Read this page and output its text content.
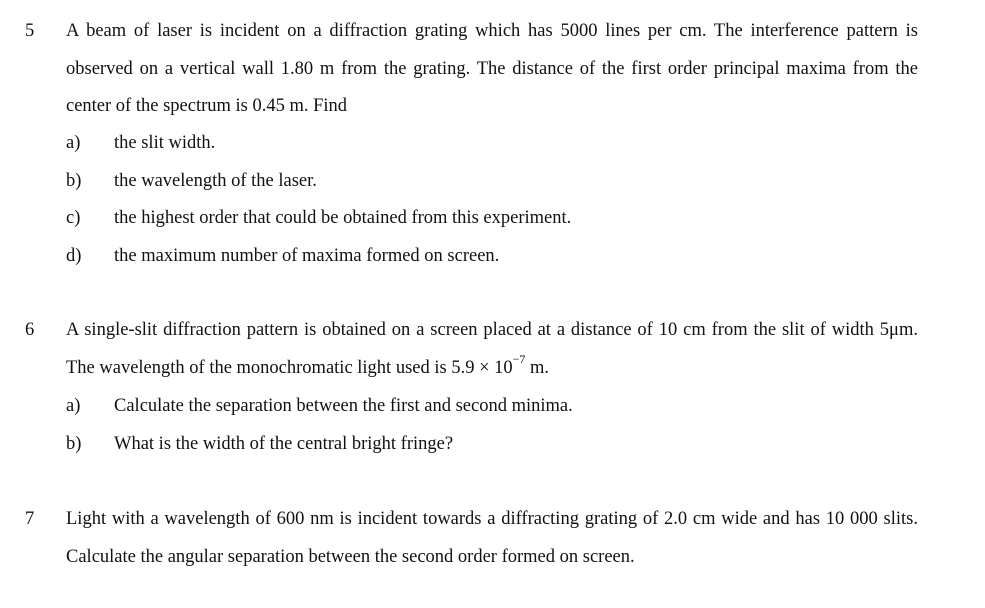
5 A beam of laser is incident on a diffraction grating which has 5000 lines per cm. The interference pattern is observed on a vertical wall 1.80 m from the grating. The distance of the first order principal maxima from the center of the spectrum is 0.45 m. Find
a) the slit width.
b) the wavelength of the laser.
c) the highest order that could be obtained from this experiment.
d) the maximum number of maxima formed on screen.
6 A single-slit diffraction pattern is obtained on a screen placed at a distance of 10 cm from the slit of width 5μm. The wavelength of the monochromatic light used is $5.9 \times 10^{-7}$ m.
a) Calculate the separation between the first and second minima.
b) What is the width of the central bright fringe?
7 Light with a wavelength of 600 nm is incident towards a diffracting grating of 2.0 cm wide and has 10 000 slits. Calculate the angular separation between the second order formed on screen.
